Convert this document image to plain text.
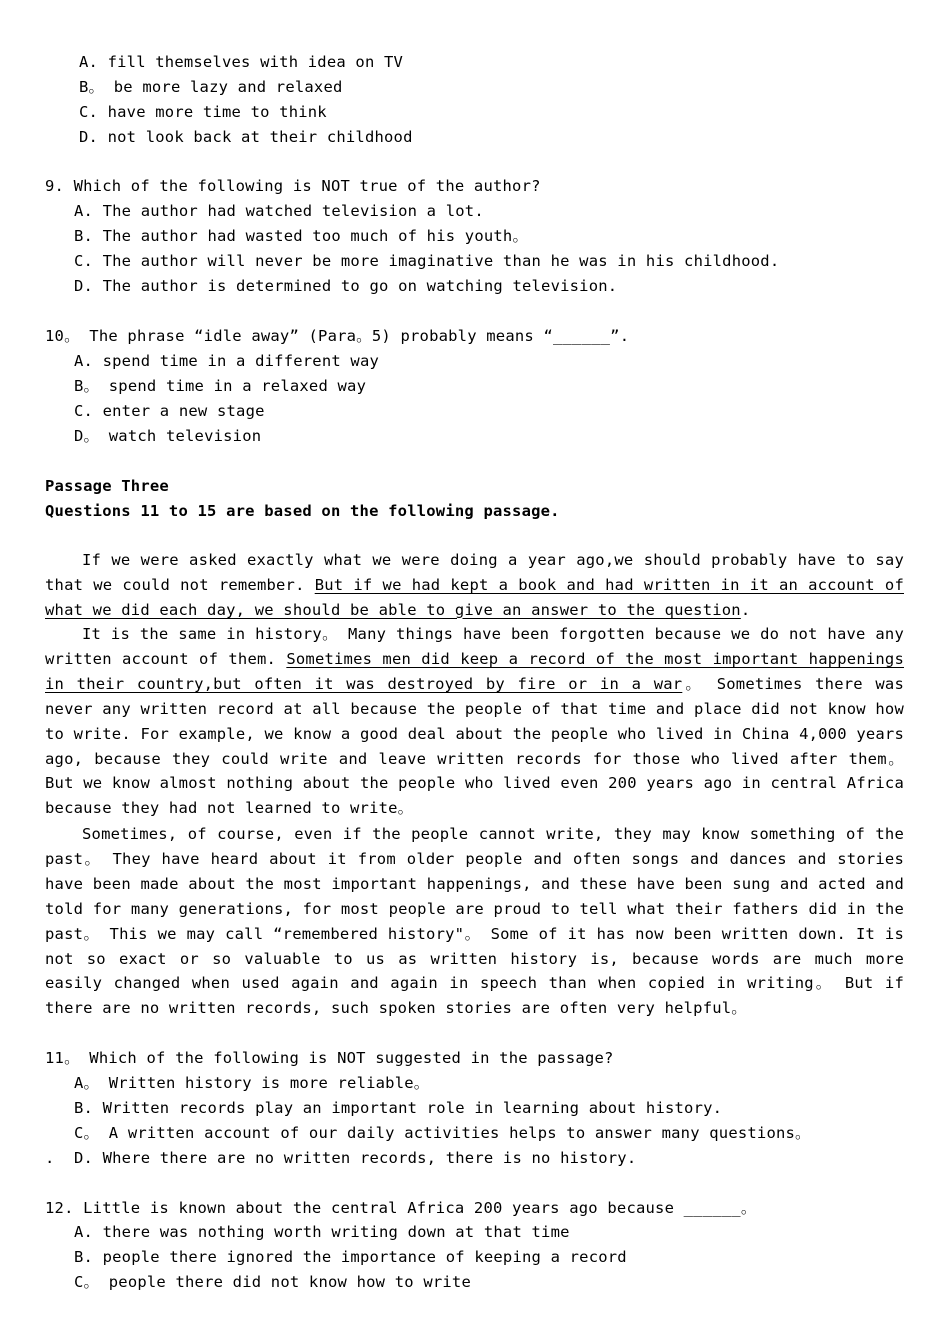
A. fill themselves with idea on TV
B。 be more lazy and relaxed
C. have more time to think
D. not look back at their childhood
9. Which of the following is NOT true of the author?
A. The author had watched television a lot.
B. The author had wasted too much of his youth。
C. The author will never be more imaginative than he was in his childhood.
D. The author is determined to go on watching television.
10。 The phrase “idle away” (Para。5) probably means “______”.
A. spend time in a different way
B。 spend time in a relaxed way
C. enter a new stage
D。 watch television
Passage Three
Questions 11 to 15 are based on the following passage.
If we were asked exactly what we were doing a year ago,we should probably have to say that we could not remember. But if we had kept a book and had written in it an account of what we did each day, we should be able to give an answer to the question.
It is the same in history。 Many things have been forgotten because we do not have any written account of them. Sometimes men did keep a record of the most important happenings in their country,but often it was destroyed by fire or in a war。 Sometimes there was never any written record at all because the people of that time and place did not know how to write. For example, we know a good deal about the people who lived in China 4,000 years ago, because they could write and leave written records for those who lived after them。 But we know almost nothing about the people who lived even 200 years ago in central Africa because they had not learned to write。
Sometimes, of course, even if the people cannot write, they may know something of the past。 They have heard about it from older people and often songs and dances and stories have been made about the most important happenings, and these have been sung and acted and told for many generations, for most people are proud to tell what their fathers did in the past。 This we may call “remembered history"。 Some of it has now been written down. It is not so exact or so valuable to us as written history is, because words are much more easily changed when used again and again in speech than when copied in writing。 But if there are no written records, such spoken stories are often very helpful。
11。 Which of the following is NOT suggested in the passage?
A。 Written history is more reliable。
B. Written records play an important role in learning about history.
C。 A written account of our daily activities helps to answer many questions。
. D. Where there are no written records, there is no history.
12. Little is known about the central Africa 200 years ago because ______。
A. there was nothing worth writing down at that time
B. people there ignored the importance of keeping a record
C。 people there did not know how to write
